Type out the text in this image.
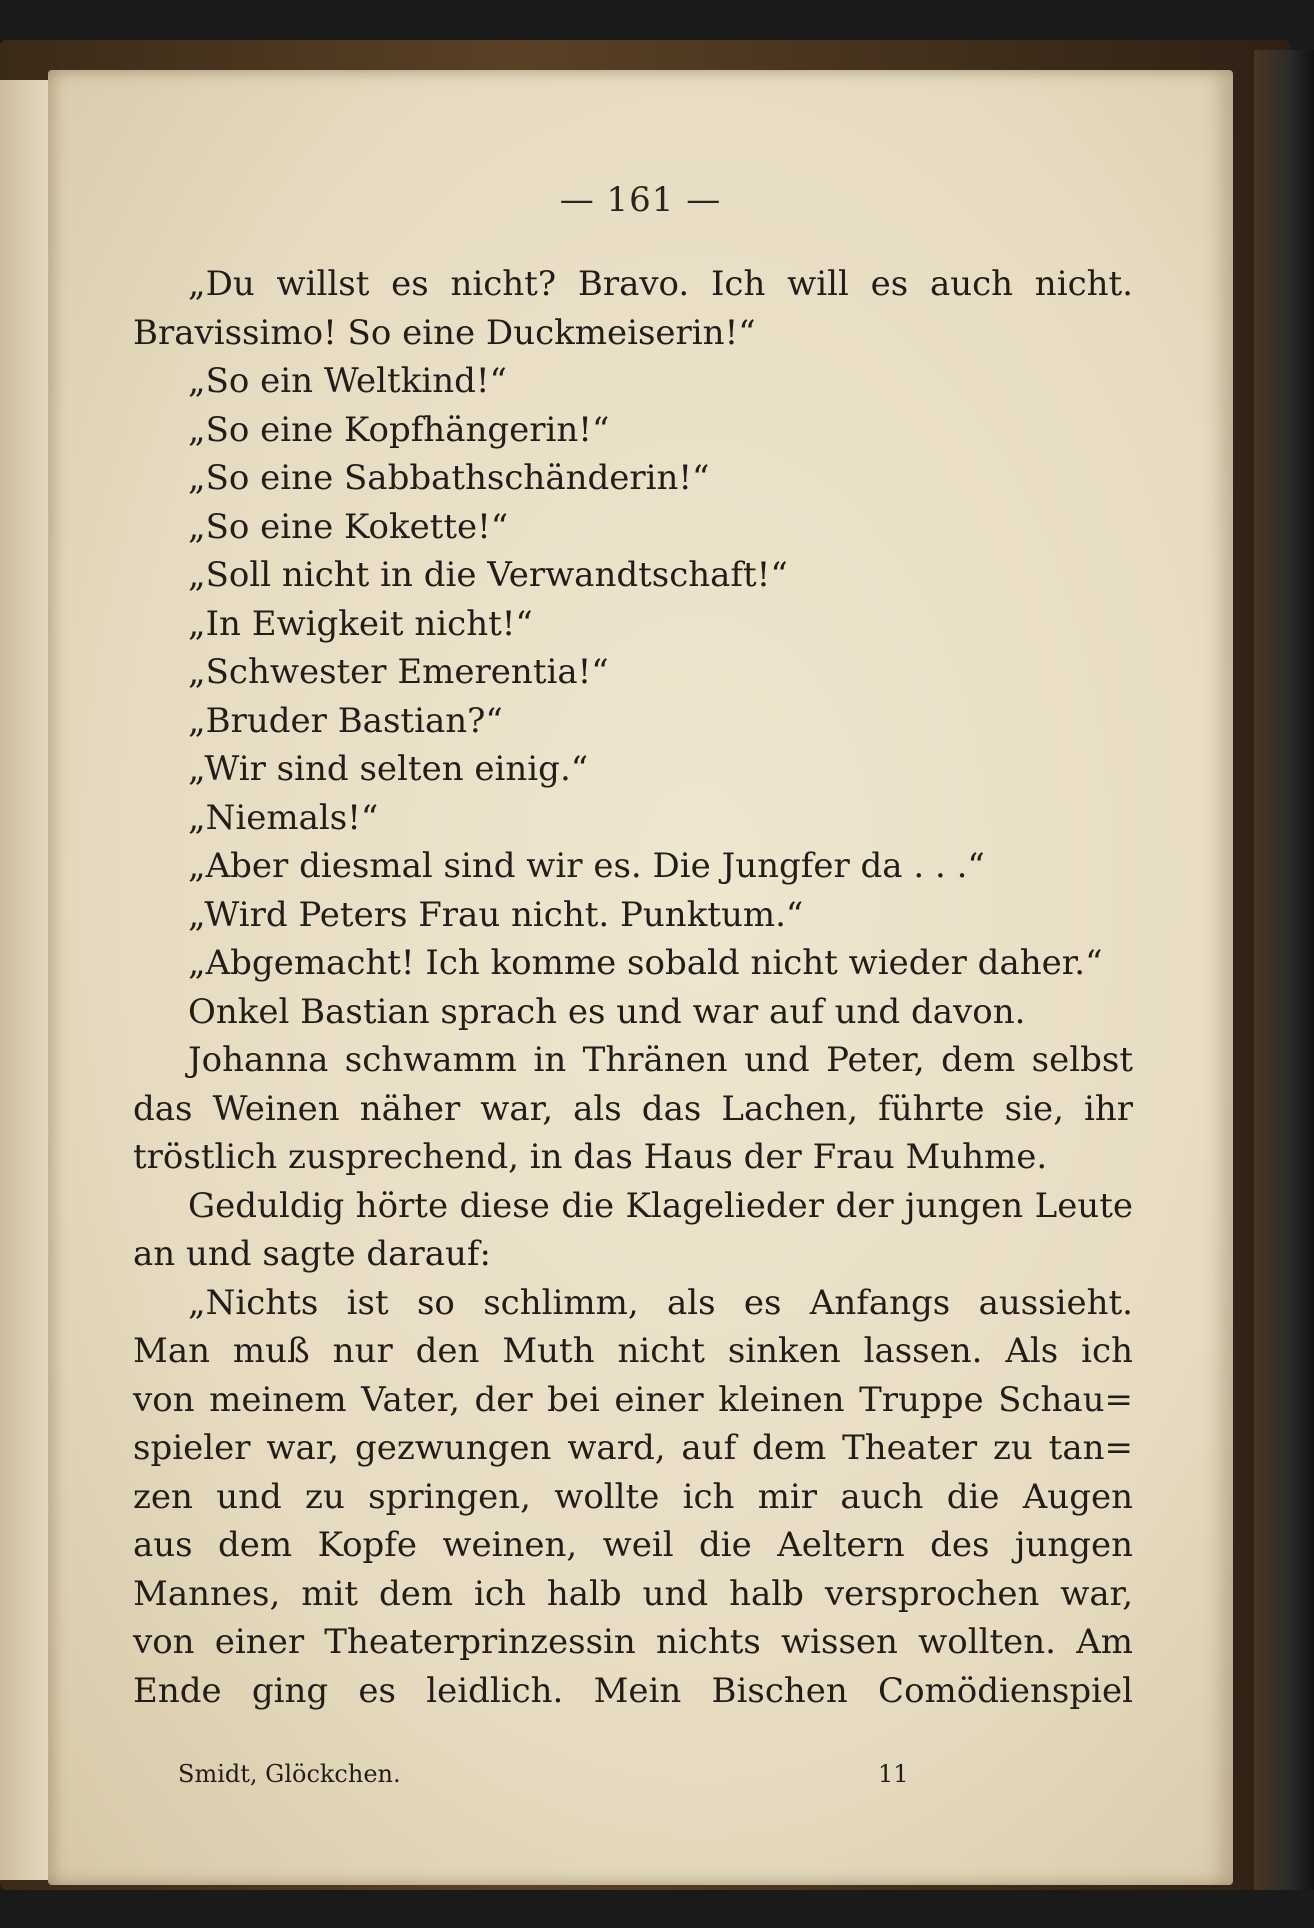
— 161 —
„Du willst es nicht? Bravo. Ich will es auch nicht.
Bravissimo! So eine Duckmeiserin!“
„So ein Weltkind!“
„So eine Kopfhängerin!“
„So eine Sabbathschänderin!“
„So eine Kokette!“
„Soll nicht in die Verwandtschaft!“
„In Ewigkeit nicht!“
„Schwester Emerentia!“
„Bruder Bastian?“
„Wir sind selten einig.“
„Niemals!“
„Aber diesmal sind wir es. Die Jungfer da . . .“
„Wird Peters Frau nicht. Punktum.“
„Abgemacht! Ich komme sobald nicht wieder daher.“
Onkel Bastian sprach es und war auf und davon.
Johanna schwamm in Thränen und Peter, dem selbst
das Weinen näher war, als das Lachen, führte sie, ihr
tröstlich zusprechend, in das Haus der Frau Muhme.
Geduldig hörte diese die Klagelieder der jungen Leute
an und sagte darauf:
„Nichts ist so schlimm, als es Anfangs aussieht.
Man muß nur den Muth nicht sinken lassen. Als ich
von meinem Vater, der bei einer kleinen Truppe Schau=
spieler war, gezwungen ward, auf dem Theater zu tan=
zen und zu springen, wollte ich mir auch die Augen
aus dem Kopfe weinen, weil die Aeltern des jungen
Mannes, mit dem ich halb und halb versprochen war,
von einer Theaterprinzessin nichts wissen wollten. Am
Ende ging es leidlich. Mein Bischen Comödienspiel
Smidt, Glöckchen.	11
